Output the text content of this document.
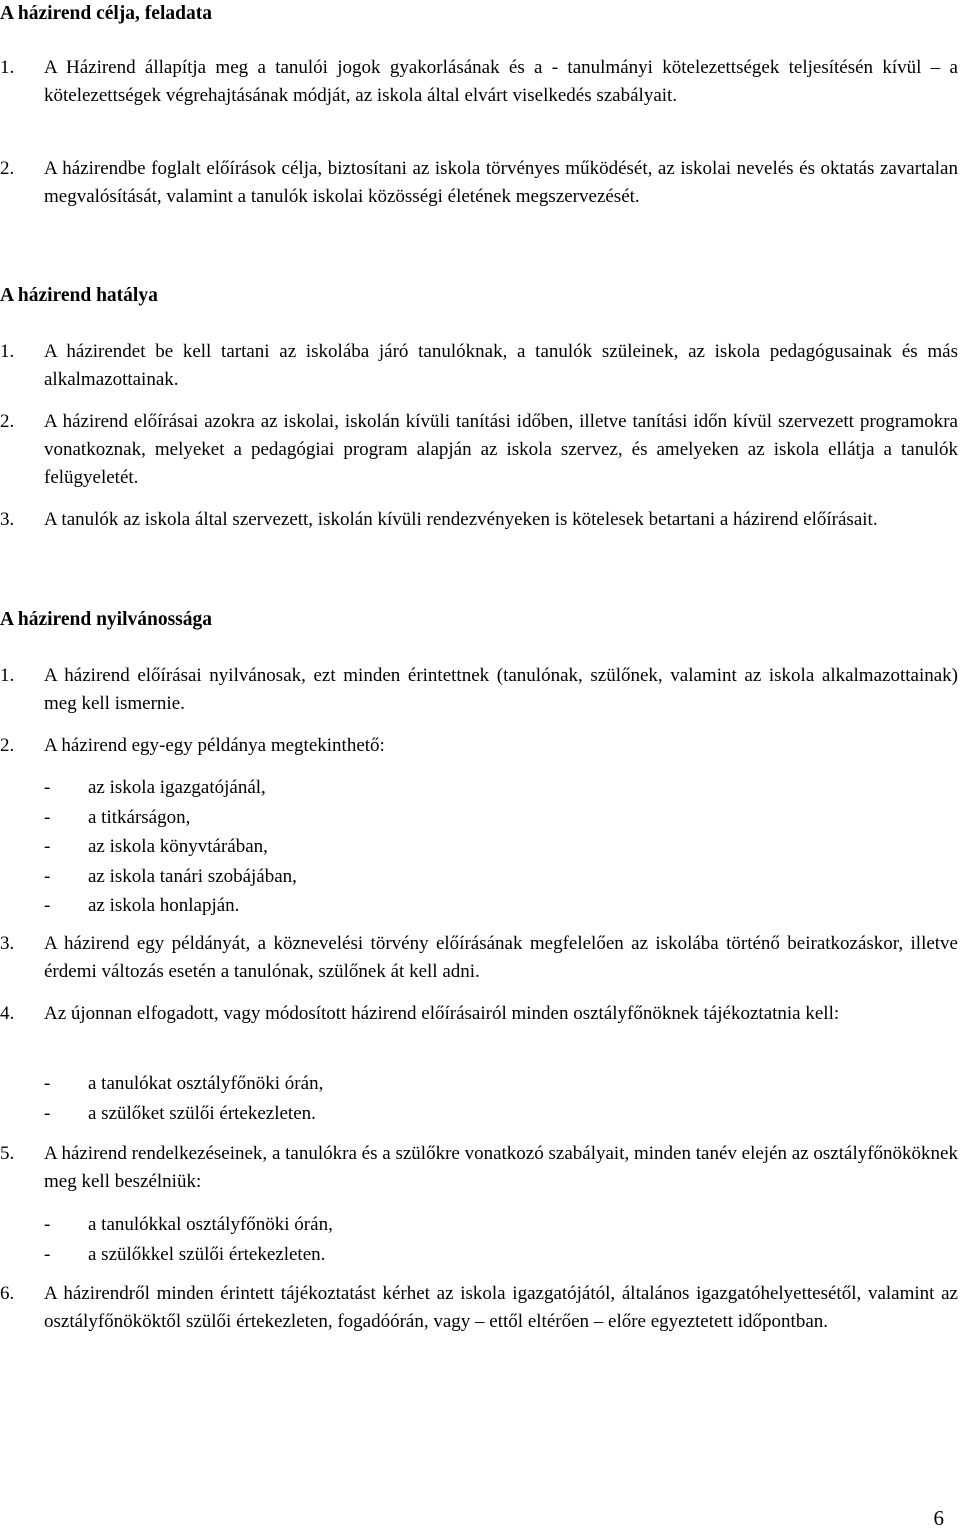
A házirend célja, feladata
1. A Házirend állapítja meg a tanulói jogok gyakorlásának és a - tanulmányi kötelezettségek teljesítésén kívül – a kötelezettségek végrehajtásának módját, az iskola által elvárt viselkedés szabályait.
2. A házirendbe foglalt előírások célja, biztosítani az iskola törvényes működését, az iskolai nevelés és oktatás zavartalan megvalósítását, valamint a tanulók iskolai közösségi életének megszervezését.
A házirend hatálya
1. A házirendet be kell tartani az iskolába járó tanulóknak, a tanulók szüleinek, az iskola pedagógusainak és más alkalmazottainak.
2. A házirend előírásai azokra az iskolai, iskolán kívüli tanítási időben, illetve tanítási időn kívül szervezett programokra vonatkoznak, melyeket a pedagógiai program alapján az iskola szervez, és amelyeken az iskola ellátja a tanulók felügyeletét.
3. A tanulók az iskola által szervezett, iskolán kívüli rendezvényeken is kötelesek betartani a házirend előírásait.
A házirend nyilvánossága
1. A házirend előírásai nyilvánosak, ezt minden érintettnek (tanulónak, szülőnek, valamint az iskola alkalmazottainak) meg kell ismernie.
2. A házirend egy-egy példánya megtekinthető:
- az iskola igazgatójánál,
- a titkárságon,
- az iskola könyvtárában,
- az iskola tanári szobájában,
- az iskola honlapján.
3. A házirend egy példányát, a köznevelési törvény előírásának megfelelően az iskolába történő beiratkozáskor, illetve érdemi változás esetén a tanulónak, szülőnek át kell adni.
4. Az újonnan elfogadott, vagy módosított házirend előírásairól minden osztályfőnöknek tájékoztatnia kell:
- a tanulókat osztályfőnöki órán,
- a szülőket szülői értekezleten.
5. A házirend rendelkezéseinek, a tanulókra és a szülőkre vonatkozó szabályait, minden tanév elején az osztályfőnököknek meg kell beszélniük:
- a tanulókkal osztályfőnöki órán,
- a szülőkkel szülői értekezleten.
6. A házirendről minden érintett tájékoztatást kérhet az iskola igazgatójától, általános igazgatóhelyettesétől, valamint az osztályfőnököktől szülői értekezleten, fogadóórán, vagy – ettől eltérően – előre egyeztetett időpontban.
6
